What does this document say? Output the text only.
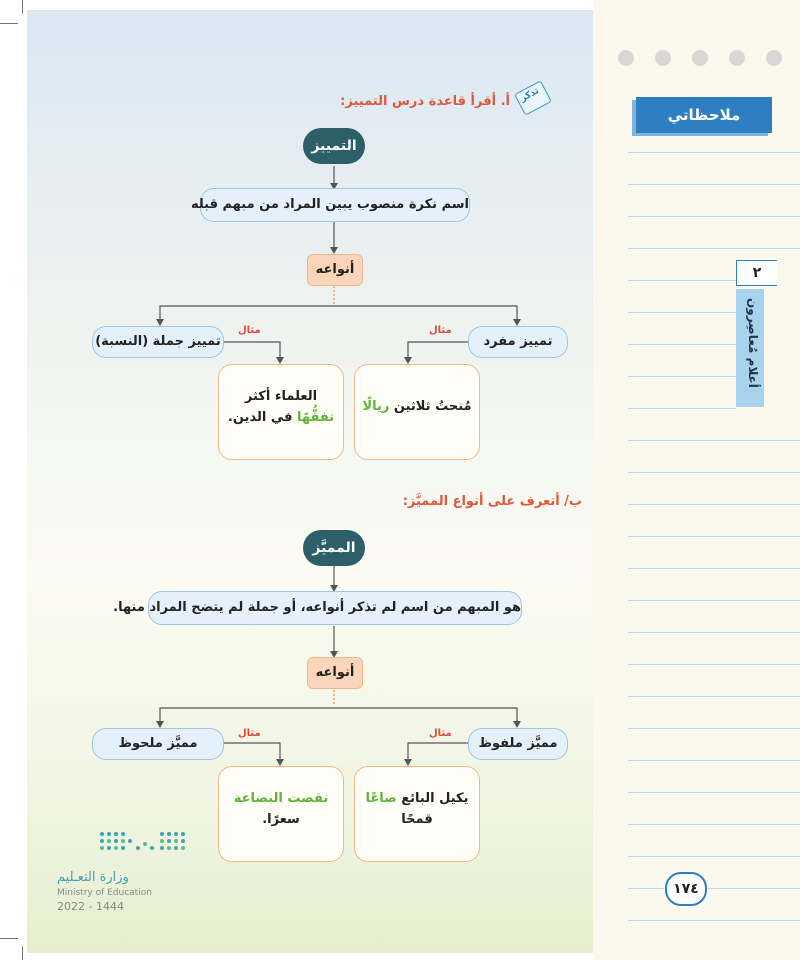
تذكر
أ. أقرأ قاعدة درس التمييز:
التمييز
اسم نكرة منصوب يبين المراد من مبهم قبله
أنواعه
تمييز مفرد
تمييز جملة (النسبة)
مثال
مثال
مُنحتُ ثلاثين ريالًا
العلماء أكثر
تفقُّهًا في الدين.
ب/ أتعرف على أنواع المميَّز:
المميَّز
هو المبهم من اسم لم تذكر أنواعه، أو جملة لم يتضح المراد منها.
أنواعه
مميَّز ملفوظ
مميَّز ملحوظ
مثال
مثال
يكيل البائع صاعًا
قمحًا
نقصت البضاعة
سعرًا.
وزارة التعـليم
Ministry of Education
2022 - 1444
ملاحظاتي
٢
أعلام مُعاصِرون
١٧٤
